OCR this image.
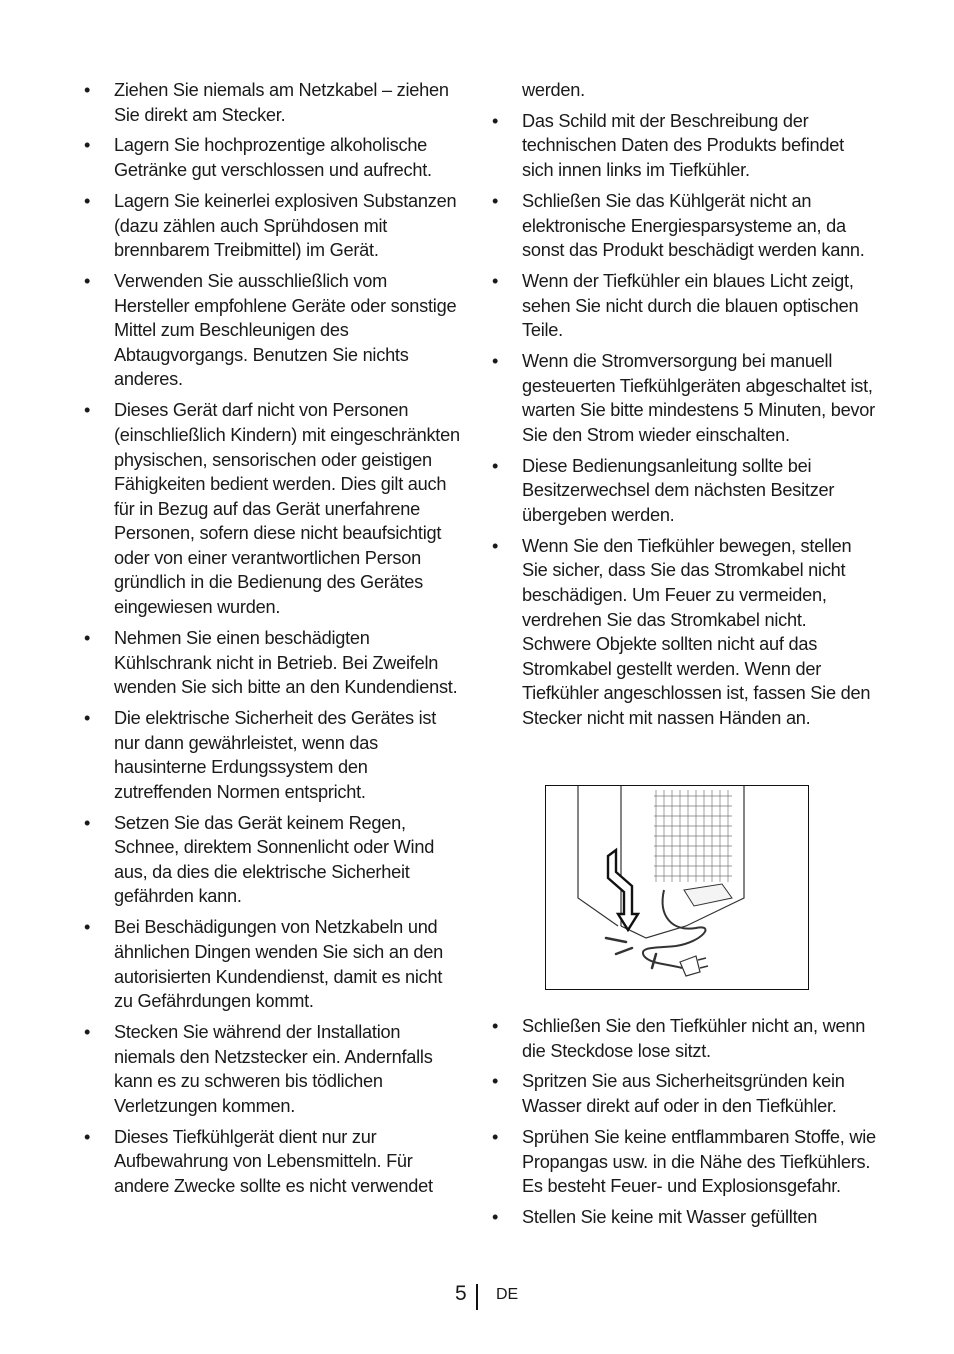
• Ziehen Sie niemals am Netzkabel – ziehen Sie direkt am Stecker.
• Lagern Sie hochprozentige alkoholische Getränke gut verschlossen und aufrecht.
• Lagern Sie keinerlei explosiven Substanzen (dazu zählen auch Sprühdosen mit brennbarem Treibmittel) im Gerät.
• Verwenden Sie ausschließlich vom Hersteller empfohlene Geräte oder sonstige Mittel zum Beschleunigen des Abtaugvorgangs. Benutzen Sie nichts anderes.
• Dieses Gerät darf nicht von Personen (einschließlich Kindern) mit eingeschränkten physischen, sensorischen oder geistigen Fähigkeiten bedient werden. Dies gilt auch für in Bezug auf das Gerät unerfahrene Personen, sofern diese nicht beaufsichtigt oder von einer verantwortlichen Person gründlich in die Bedienung des Gerätes eingewiesen wurden.
• Nehmen Sie einen beschädigten Kühlschrank nicht in Betrieb. Bei Zweifeln wenden Sie sich bitte an den Kundendienst.
• Die elektrische Sicherheit des Gerätes ist nur dann gewährleistet, wenn das hausinterne Erdungssystem den zutreffenden Normen entspricht.
• Setzen Sie das Gerät keinem Regen, Schnee, direktem Sonnenlicht oder Wind aus, da dies die elektrische Sicherheit gefährden kann.
• Bei Beschädigungen von Netzkabeln und ähnlichen Dingen wenden Sie sich an den autorisierten Kundendienst, damit es nicht zu Gefährdungen kommt.
• Stecken Sie während der Installation niemals den Netzstecker ein. Andernfalls kann es zu schweren bis tödlichen Verletzungen kommen.
• Dieses Tiefkühlgerät dient nur zur Aufbewahrung von Lebensmitteln. Für andere Zwecke sollte es nicht verwendet

werden.

• Das Schild mit der Beschreibung der technischen Daten des Produkts befindet sich innen links im Tiefkühler.
• Schließen Sie das Kühlgerät nicht an elektronische Energiesparsysteme an, da sonst das Produkt beschädigt werden kann.
• Wenn der Tiefkühler ein blaues Licht zeigt, sehen Sie nicht durch die blauen optischen Teile.
• Wenn die Stromversorgung bei manuell gesteuerten Tiefkühlgeräten abgeschaltet ist, warten Sie bitte mindestens 5 Minuten, bevor Sie den Strom wieder einschalten.
• Diese Bedienungsanleitung sollte bei Besitzerwechsel dem nächsten Besitzer übergeben werden.
• Wenn Sie den Tiefkühler bewegen, stellen Sie sicher, dass Sie das Stromkabel nicht beschädigen. Um Feuer zu vermeiden, verdrehen Sie das Stromkabel nicht. Schwere Objekte sollten nicht auf das Stromkabel gestellt werden. Wenn der Tiefkühler angeschlossen ist, fassen Sie den Stecker nicht mit nassen Händen an.
• Schließen Sie den Tiefkühler nicht an, wenn die Steckdose lose sitzt.
• Spritzen Sie aus Sicherheitsgründen kein Wasser direkt auf oder in den Tiefkühler.
• Sprühen Sie keine entflammbaren Stoffe, wie Propangas usw. in die Nähe des Tiefkühlers. Es besteht Feuer- und Explosionsgefahr.
• Stellen Sie keine mit Wasser gefüllten
5 DE
